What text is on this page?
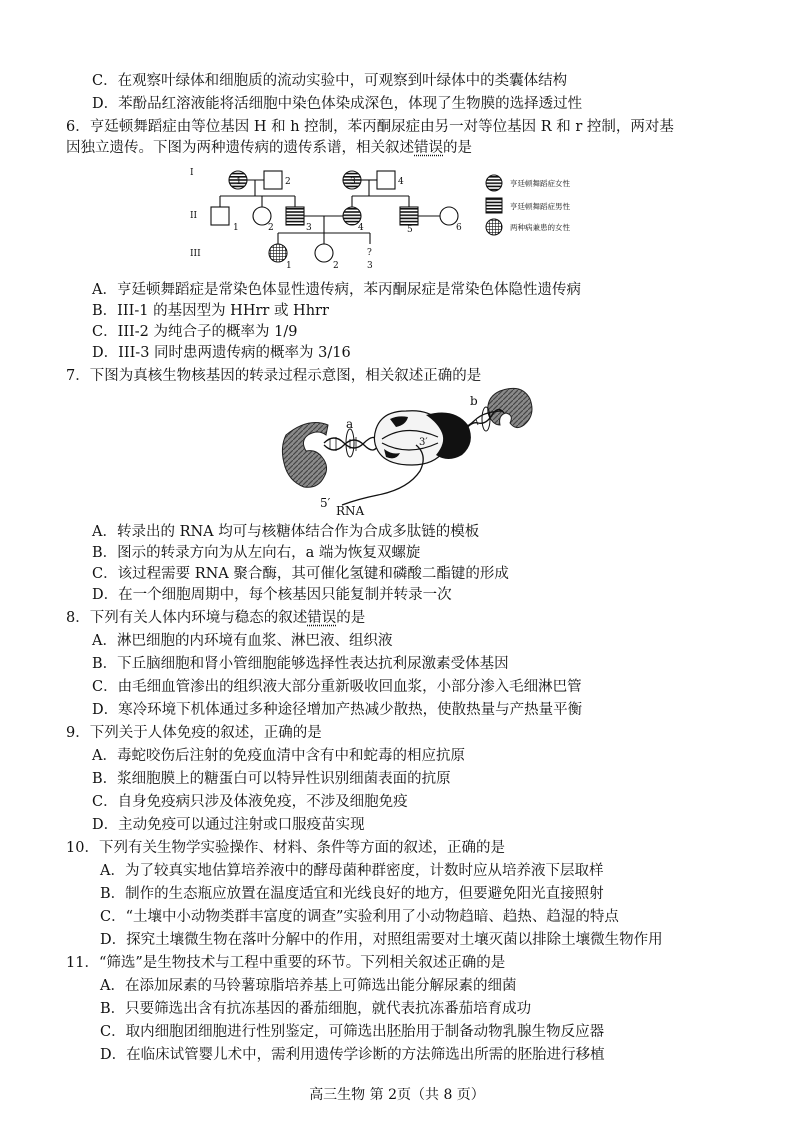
C．在观察叶绿体和细胞质的流动实验中，可观察到叶绿体中的类囊体结构
D．苯酚品红溶液能将活细胞中染色体染成深色，体现了生物膜的选择透过性
6．亨廷顿舞蹈症由等位基因 H 和 h 控制，苯丙酮尿症由另一对等位基因 R 和 r 控制，两对基
因独立遗传。下图为两种遗传病的遗传系谱，相关叙述错误的是
I
II
III
1	2	3	4
1	2	3	4	5	6
1	2
?
3
亨廷顿舞蹈症女性
亨廷顿舞蹈症男性
两种病兼患的女性
A．亨廷顿舞蹈症是常染色体显性遗传病，苯丙酮尿症是常染色体隐性遗传病
B．III-1 的基因型为 HHrr 或 Hhrr
C．III-2 为纯合子的概率为 1/9
D．III-3 同时患两遗传病的概率为 3/16
7．下图为真核生物核基因的转录过程示意图，相关叙述正确的是
a
b
3′
5′
RNA
A．转录出的 RNA 均可与核糖体结合作为合成多肽链的模板
B．图示的转录方向为从左向右，a 端为恢复双螺旋
C．该过程需要 RNA 聚合酶，其可催化氢键和磷酸二酯键的形成
D．在一个细胞周期中，每个核基因只能复制并转录一次
8．下列有关人体内环境与稳态的叙述错误的是
A．淋巴细胞的内环境有血浆、淋巴液、组织液
B．下丘脑细胞和肾小管细胞能够选择性表达抗利尿激素受体基因
C．由毛细血管渗出的组织液大部分重新吸收回血浆，小部分渗入毛细淋巴管
D．寒冷环境下机体通过多种途径增加产热减少散热，使散热量与产热量平衡
9．下列关于人体免疫的叙述，正确的是
A．毒蛇咬伤后注射的免疫血清中含有中和蛇毒的相应抗原
B．浆细胞膜上的糖蛋白可以特异性识别细菌表面的抗原
C．自身免疫病只涉及体液免疫，不涉及细胞免疫
D．主动免疫可以通过注射或口服疫苗实现
10．下列有关生物学实验操作、材料、条件等方面的叙述，正确的是
A．为了较真实地估算培养液中的酵母菌种群密度，计数时应从培养液下层取样
B．制作的生态瓶应放置在温度适宜和光线良好的地方，但要避免阳光直接照射
C．“土壤中小动物类群丰富度的调查”实验利用了小动物趋暗、趋热、趋湿的特点
D．探究土壤微生物在落叶分解中的作用，对照组需要对土壤灭菌以排除土壤微生物作用
11．“筛选”是生物技术与工程中重要的环节。下列相关叙述正确的是
A．在添加尿素的马铃薯琼脂培养基上可筛选出能分解尿素的细菌
B．只要筛选出含有抗冻基因的番茄细胞，就代表抗冻番茄培育成功
C．取内细胞团细胞进行性别鉴定，可筛选出胚胎用于制备动物乳腺生物反应器
D．在临床试管婴儿术中，需利用遗传学诊断的方法筛选出所需的胚胎进行移植
高三生物 第 2页（共 8 页）
